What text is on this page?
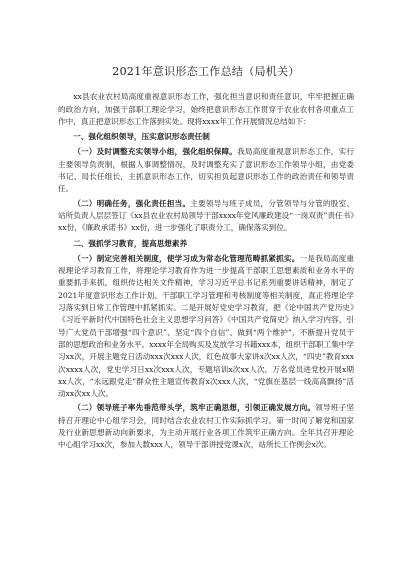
2021年意识形态工作总结（局机关）

xx县农业农村局高度重视意识形态工作，强化担当意识和责任意识，牢牢把握正确的政治方向，加强干部职工理论学习，始终把意识形态工作贯穿于农业农村各项重点工作中，真正把意识形态工作落到实处。现将xxxx年工作开展情况总结如下：

一、强化组织领导，压实意识形态责任制

（一）及时调整充实领导小组，强化组织保障。我局高度重视意识形态工作，实行主要领导负责制，根据人事调整情况，及时调整充实了意识形态工作领导小组，由党委书记、局长任组长，主抓意识形态工作，切实担负起意识形态工作的政治责任和领导责任。

（二）明确任务，强化责任担当。主要领导与班子成员，分管领导与分管的股室、站所负责人层层签订《xx县农业农村局领导干部xxxx年党风廉政建设“一岗双责”责任书》xx份，《廉政承诺书》xx份，进一步强化了职责分工，确保落实到位。

二、强抓学习教育，提高思想素养

（一）制定完善相关制度，使学习成为常态化管理范畴抓紧抓实。一是我局高度重视理论学习教育工作，将理论学习教育作为进一步提高干部职工思想素质和业务水平的重要抓手来抓，组织传达相关文件精神，学习习近平总书记系列重要讲话精神，制定了2021年度意识形态工作计划、干部职工学习管理和考核制度等相关制度，真正将理论学习落实到日常工作管理中抓紧抓实。二是开展好党史学习教育，把《论中国共产党历史》《习近平新时代中国特色社会主义思想学习问答》《中国共产党简史》纳入学习内容，引导广大党员干部增强“四个意识”、坚定“四个自信”、做到“两个维护”，不断提升党员干部的思想政治和业务水平。xxxx年全局购买及发放学习书籍xxx本，组织干部职工集中学习xx次，开展主题党日活动xxx次xxx人次，红色故事大家讲x次xx人次，“四史”教育xxx次xxxx人次，党史学习日xx次xxx人次，专题培训x次xx人次，万名党员进党校开展x期xx人次，“永远跟党走”群众性主题宣传教育x次xxx人次，“党旗在基层一线高高飘扬”活动xx次xx人次。

（二）领导班子率先垂范带头学，筑牢正确思想，引领正确发展方向。领导班子坚持召开理论中心组学习会，同时结合农业农村工作实际抓学习。第一时间了解党和国家及行业新思想新动向新要求，为主动开展行业各项工作筑牢正确方向。全年共召开理论中心组学习xx次，参加人数xxx人，领导干部讲授党课x次，站所长工作例会x次。
